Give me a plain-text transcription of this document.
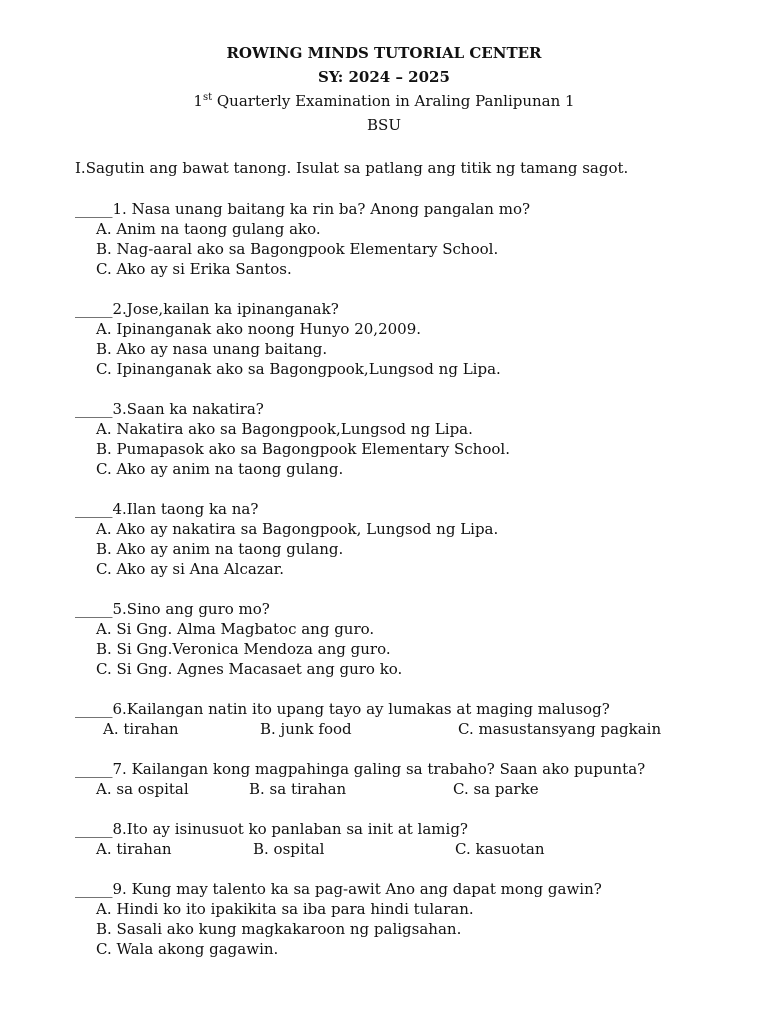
ROWING MINDS TUTORIAL CENTER
SY: 2024 – 2025
1st Quarterly Examination in Araling Panlipunan 1
BSU
I.Sagutin ang bawat tanong. Isulat sa patlang ang titik ng tamang sagot.
_____1. Nasa unang baitang ka rin ba? Anong pangalan mo?
A. Anim na taong gulang ako.
B. Nag-aaral ako sa Bagongpook Elementary School.
C. Ako ay si Erika Santos.
_____2.Jose,kailan ka ipinanganak?
A. Ipinanganak ako noong Hunyo 20,2009.
B. Ako ay nasa unang baitang.
C. Ipinanganak ako sa Bagongpook,Lungsod ng Lipa.
_____3.Saan ka nakatira?
A. Nakatira ako sa Bagongpook,Lungsod ng Lipa.
B. Pumapasok ako sa Bagongpook Elementary School.
C. Ako ay anim na taong gulang.
_____4.Ilan taong ka na?
A. Ako ay nakatira sa Bagongpook, Lungsod ng Lipa.
B. Ako ay anim na taong gulang.
C. Ako ay si Ana Alcazar.
_____5.Sino ang guro mo?
A. Si Gng. Alma Magbatoc ang guro.
B. Si Gng.Veronica Mendoza ang guro.
C. Si Gng. Agnes Macasaet ang guro ko.
_____6.Kailangan natin ito upang tayo ay lumakas at maging malusog?
A. tirahan	B. junk food	C. masustansyang pagkain
_____7. Kailangan kong magpahinga galing sa trabaho? Saan ako pupunta?
A. sa ospital	B. sa tirahan	C. sa parke
_____8.Ito ay isinusuot ko panlaban sa init at lamig?
A. tirahan	B. ospital	C. kasuotan
_____9. Kung may talento ka sa pag-awit Ano ang dapat mong gawin?
A. Hindi ko ito ipakikita sa iba para hindi tularan.
B. Sasali ako kung magkakaroon ng paligsahan.
C. Wala akong gagawin.
